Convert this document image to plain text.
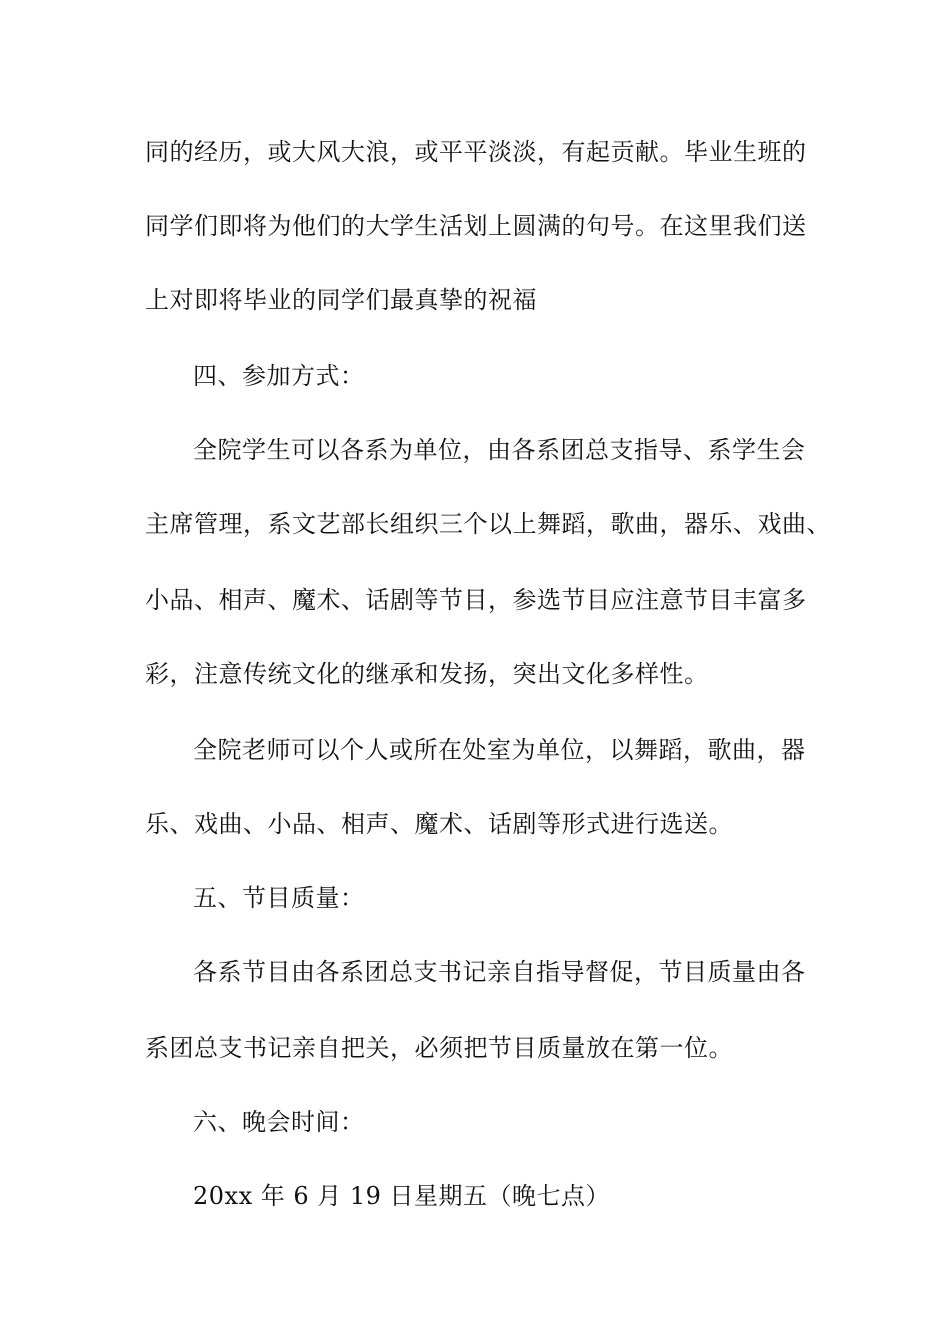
同的经历，或大风大浪，或平平淡淡，有起贡献。毕业生班的
同学们即将为他们的大学生活划上圆满的句号。在这里我们送
上对即将毕业的同学们最真挚的祝福
四、参加方式：
全院学生可以各系为单位，由各系团总支指导、系学生会
主席管理，系文艺部长组织三个以上舞蹈，歌曲，器乐、戏曲、
小品、相声、魔术、话剧等节目，参选节目应注意节目丰富多
彩，注意传统文化的继承和发扬，突出文化多样性。
全院老师可以个人或所在处室为单位，以舞蹈，歌曲，器
乐、戏曲、小品、相声、魔术、话剧等形式进行选送。
五、节目质量：
各系节目由各系团总支书记亲自指导督促，节目质量由各
系团总支书记亲自把关，必须把节目质量放在第一位。
六、晚会时间：
20xx 年 6 月 19 日星期五（晚七点）
